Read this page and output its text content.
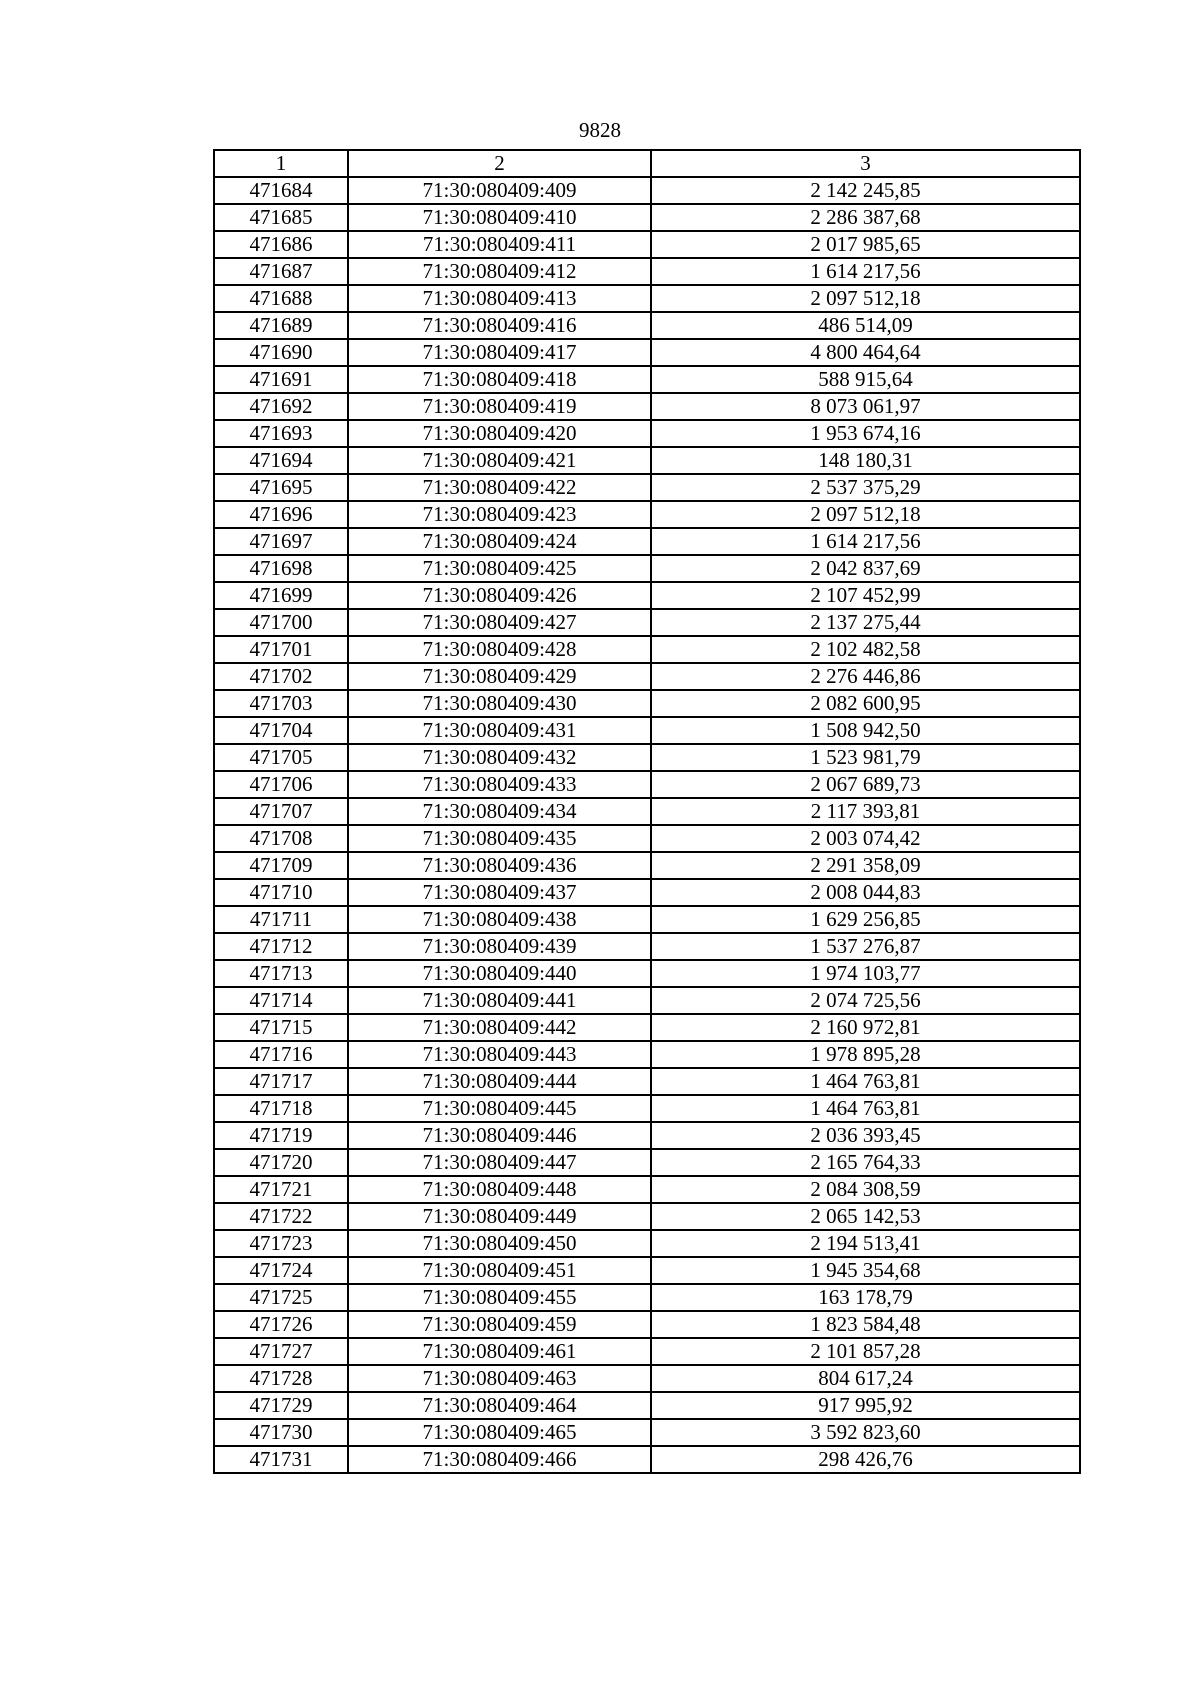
9828
1	2	3
471684	71:30:080409:409	2 142 245,85
471685	71:30:080409:410	2 286 387,68
471686	71:30:080409:411	2 017 985,65
471687	71:30:080409:412	1 614 217,56
471688	71:30:080409:413	2 097 512,18
471689	71:30:080409:416	486 514,09
471690	71:30:080409:417	4 800 464,64
471691	71:30:080409:418	588 915,64
471692	71:30:080409:419	8 073 061,97
471693	71:30:080409:420	1 953 674,16
471694	71:30:080409:421	148 180,31
471695	71:30:080409:422	2 537 375,29
471696	71:30:080409:423	2 097 512,18
471697	71:30:080409:424	1 614 217,56
471698	71:30:080409:425	2 042 837,69
471699	71:30:080409:426	2 107 452,99
471700	71:30:080409:427	2 137 275,44
471701	71:30:080409:428	2 102 482,58
471702	71:30:080409:429	2 276 446,86
471703	71:30:080409:430	2 082 600,95
471704	71:30:080409:431	1 508 942,50
471705	71:30:080409:432	1 523 981,79
471706	71:30:080409:433	2 067 689,73
471707	71:30:080409:434	2 117 393,81
471708	71:30:080409:435	2 003 074,42
471709	71:30:080409:436	2 291 358,09
471710	71:30:080409:437	2 008 044,83
471711	71:30:080409:438	1 629 256,85
471712	71:30:080409:439	1 537 276,87
471713	71:30:080409:440	1 974 103,77
471714	71:30:080409:441	2 074 725,56
471715	71:30:080409:442	2 160 972,81
471716	71:30:080409:443	1 978 895,28
471717	71:30:080409:444	1 464 763,81
471718	71:30:080409:445	1 464 763,81
471719	71:30:080409:446	2 036 393,45
471720	71:30:080409:447	2 165 764,33
471721	71:30:080409:448	2 084 308,59
471722	71:30:080409:449	2 065 142,53
471723	71:30:080409:450	2 194 513,41
471724	71:30:080409:451	1 945 354,68
471725	71:30:080409:455	163 178,79
471726	71:30:080409:459	1 823 584,48
471727	71:30:080409:461	2 101 857,28
471728	71:30:080409:463	804 617,24
471729	71:30:080409:464	917 995,92
471730	71:30:080409:465	3 592 823,60
471731	71:30:080409:466	298 426,76
